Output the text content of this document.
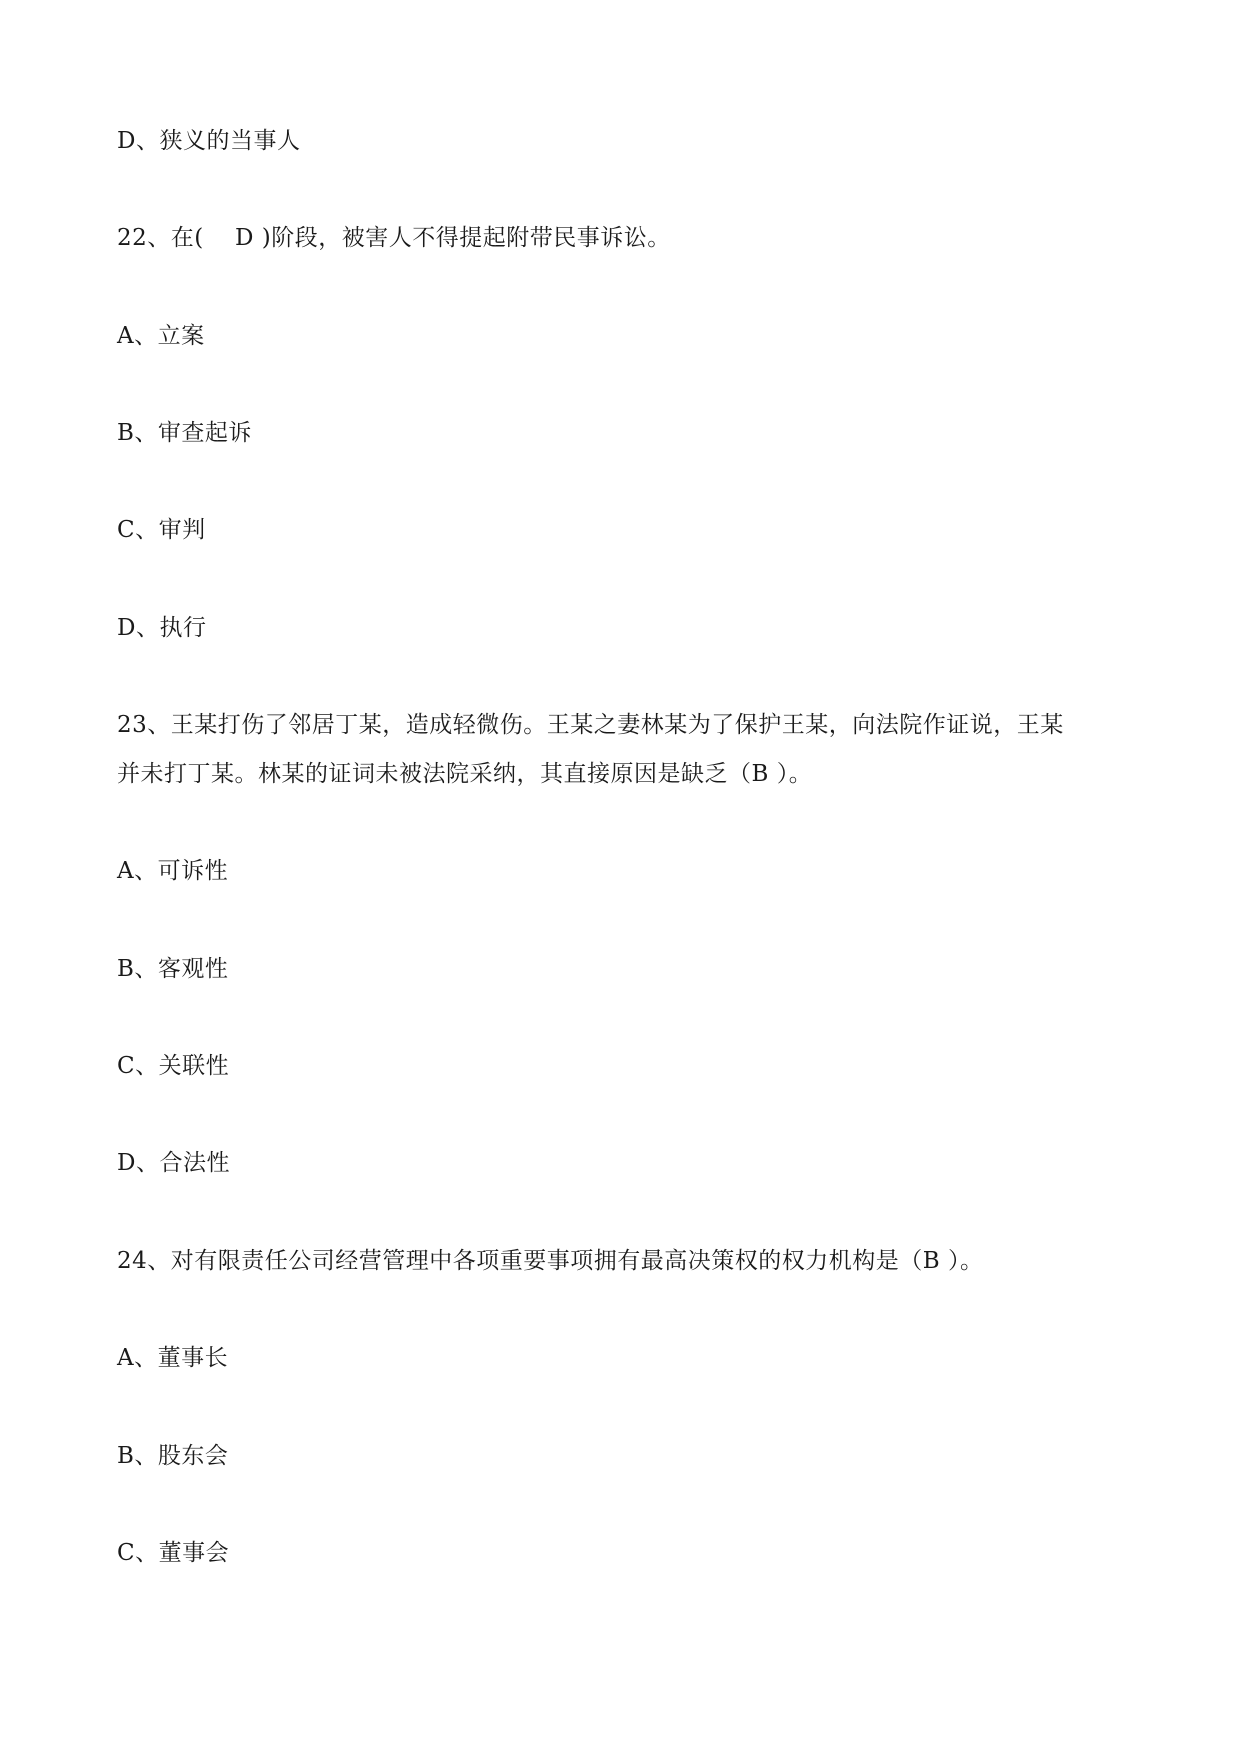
D、狭义的当事人
22、在(　 D )阶段，被害人不得提起附带民事诉讼。
A、立案
B、审查起诉
C、审判
D、执行
23、王某打伤了邻居丁某，造成轻微伤。王某之妻林某为了保护王某，向法院作证说，王某
并未打丁某。林某的证词未被法院采纳，其直接原因是缺乏（B ）。
A、可诉性
B、客观性
C、关联性
D、合法性
24、对有限责任公司经营管理中各项重要事项拥有最高决策权的权力机构是（B ）。
A、董事长
B、股东会
C、董事会
